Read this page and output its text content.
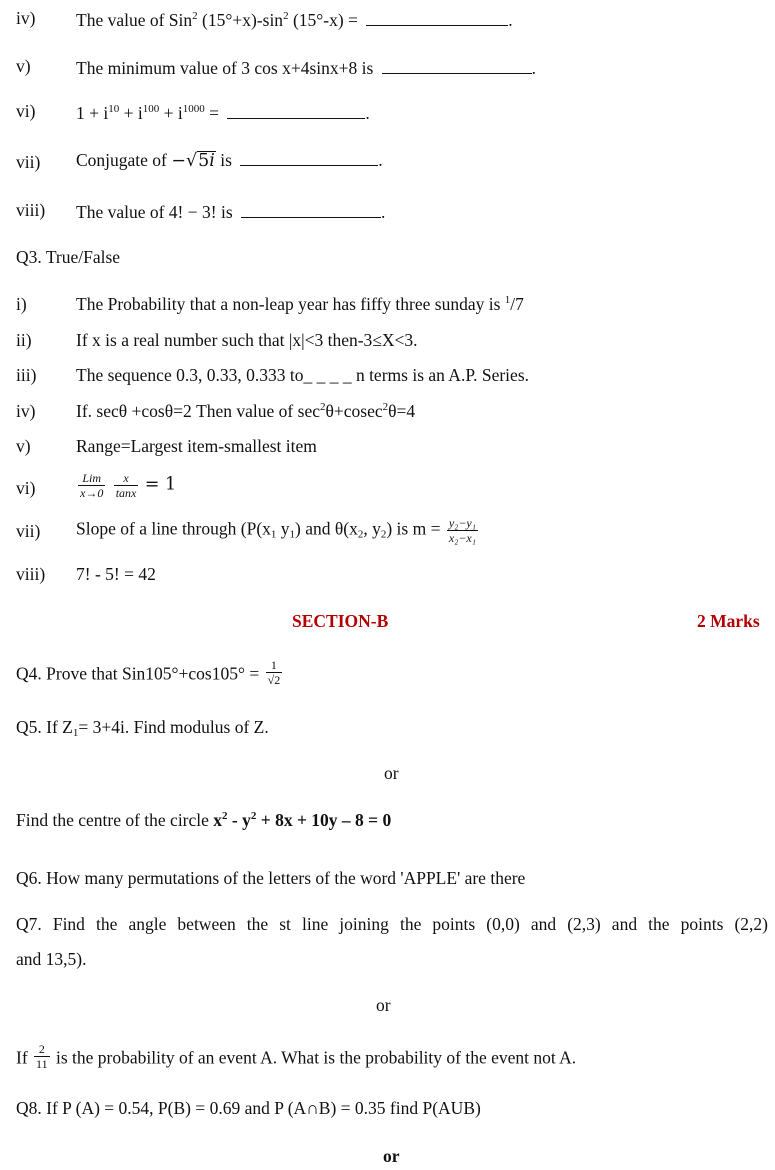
iv) The value of Sin$^2$ $(15^\circ+x)-\sin^2$ (15°-x) =	.
v)	The minimum value of 3 cos x+4sinx+8 is	.
vi) $1 + i^{10} + i^{100} + i^{1000}$ =	.
vii) Conjugate of −√5i is	.
viii) The value of 4! − 3! is	.
Q3. True/False
i)	The Probability that a non-leap year has fiffy three sunday is $^1$/7
ii)	If x is a real number such that |x|<3 then-3≤X<3.
iii) The sequence 0.3, 0.33, 0.333 to_ _ _ _ n terms is an A.P. Series.
iv) If. secθ +cosθ=2 Then value of $\sec^2\theta+cosec^2\theta=4$
v)	Range=Largest item-smallest item
vi)	$\frac{\text{Lim}}{x\to 0}$
$\frac{x}{\tan x} = 1$
vii) Slope of a line through ($P(x_1$ $y_1$) and $\theta(x_2$, $y_2$) is $m = \frac{\text{y₂−y₁}}{\text{x₂−x₁}}$
viii) 7! - 5! = 42
SECTION-B	2 Marks
Q4. Prove that $Sin105^\circ+\cos 105^\circ = \frac{1}{√2}$
Q5. If $Z_1= 3+4i$. Find modulus of Z.
or
Find the centre of the circle $x^2 - y^2 + 8x + 10y - 8 = 0$
Q6. How many permutations of the letters of the word 'APPLE' are there
Q7. Find the angle between the st line joining the points (0,0) and (2,3) and the points (2,2)
and 13,5).
or
If $\frac{2}{11}$ is the probability of an event A. What is the probability of the event not A.
Q8. If P (A) = 0.54, P(B) = 0.69 and P (A∩B) = 0.35 find P(AUB)
or
